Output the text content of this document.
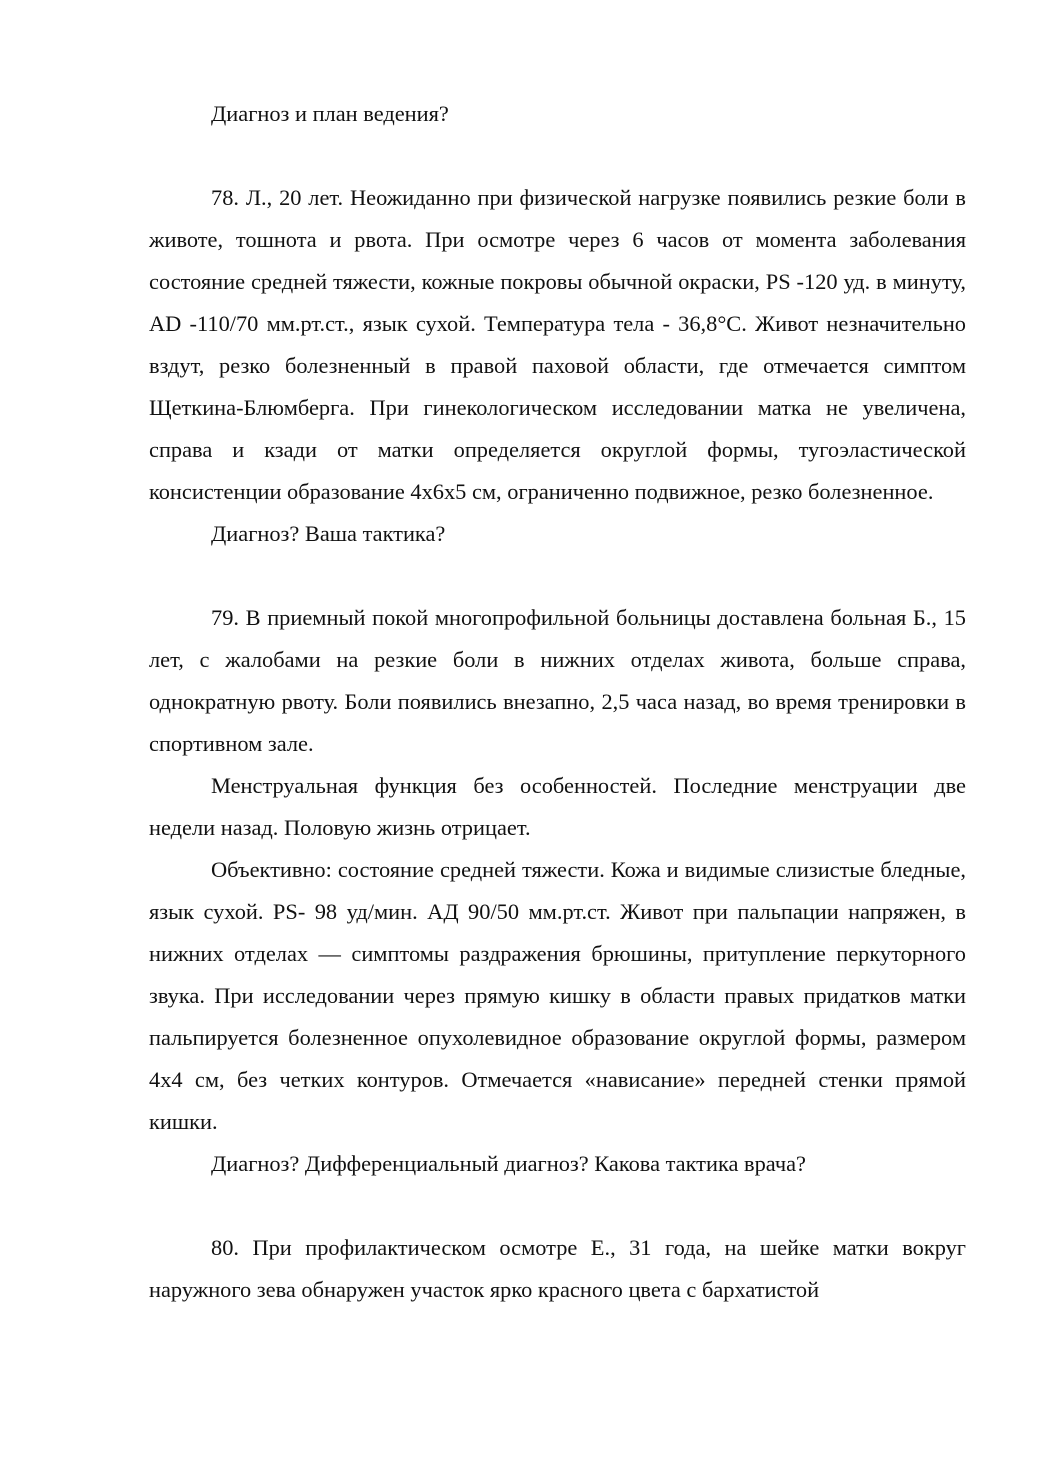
Диагноз и план ведения?

78. Л., 20 лет. Неожиданно при физической нагрузке появились резкие боли в животе, тошнота и рвота. При осмотре через 6 часов от момента заболевания состояние средней тяжести, кожные покровы обычной окраски, PS -120 уд. в минуту, AD -110/70 мм.рт.ст., язык сухой. Температура тела - 36,8°С. Живот незначительно вздут, резко болезненный в правой паховой области, где отмечается симптом Щеткина-Блюмберга. При гинекологическом исследовании матка не увеличена, справа и кзади от матки определяется округлой формы, тугоэластической консистенции образование 4х6х5 см, ограниченно подвижное, резко болезненное.

Диагноз? Ваша тактика?

79. В приемный покой многопрофильной больницы доставлена больная Б., 15 лет, с жалобами на резкие боли в нижних отделах живота, больше справа, однократную рвоту. Боли появились внезапно, 2,5 часа назад, во время тренировки в спортивном зале.

Менструальная функция без особенностей. Последние менструации две недели назад. Половую жизнь отрицает.

Объективно: состояние средней тяжести. Кожа и видимые слизистые бледные, язык сухой. PS- 98 уд/мин. АД 90/50 мм.рт.ст. Живот при пальпации напряжен, в нижних отделах — симптомы раздражения брюшины, притупление перкуторного звука. При исследовании через прямую кишку в области правых придатков матки пальпируется болезненное опухолевидное образование округлой формы, размером 4х4 см, без четких контуров. Отмечается «нависание» передней стенки прямой кишки.

Диагноз? Дифференциальный диагноз? Какова тактика врача?

80. При профилактическом осмотре Е., 31 года, на шейке матки вокруг наружного зева обнаружен участок ярко красного цвета с бархатистой
